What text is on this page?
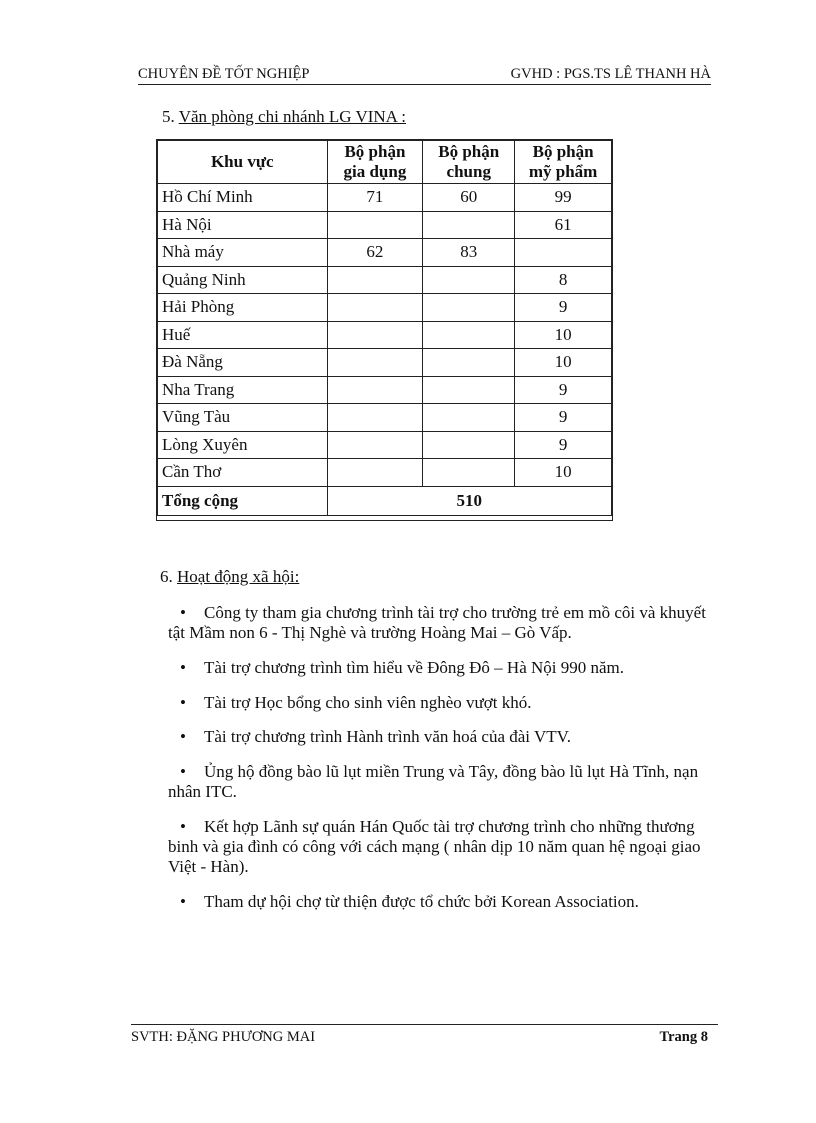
CHUYÊN ĐỀ TỐT NGHIỆP	GVHD : PGS.TS LÊ THANH HÀ
5. Văn phòng chi nhánh LG VINA :
Khu vực	Bộ phận gia dụng	Bộ phận chung	Bộ phận mỹ phẩm
Hồ Chí Minh	71	60	99
Hà Nội			61
Nhà máy	62	83	
Quảng Ninh			8
Hải Phòng			9
Huế			10
Đà Nẵng			10
Nha Trang			9
Vũng Tàu			9
Lòng Xuyên			9
Cần Thơ			10
Tổng cộng	510		
6. Hoạt động xã hội:
• Công ty tham gia chương trình tài trợ cho trường trẻ em mồ côi và khuyết tật Mầm non 6 - Thị Nghè và trường Hoàng Mai – Gò Vấp.
• Tài trợ chương trình tìm hiểu về Đông Đô – Hà Nội 990 năm.
• Tài trợ Học bổng cho sinh viên nghèo vượt khó.
• Tài trợ chương trình Hành trình văn hoá của đài VTV.
• Ủng hộ đồng bào lũ lụt miền Trung và Tây, đồng bào lũ lụt Hà Tĩnh, nạn nhân ITC.
• Kết hợp Lãnh sự quán Hán Quốc tài trợ chương trình cho những thương binh và gia đình có công với cách mạng ( nhân dịp 10 năm quan hệ ngoại giao Việt - Hàn).
• Tham dự hội chợ từ thiện được tổ chức bởi Korean Association.
SVTH: ĐẶNG PHƯƠNG MAI	Trang 8
